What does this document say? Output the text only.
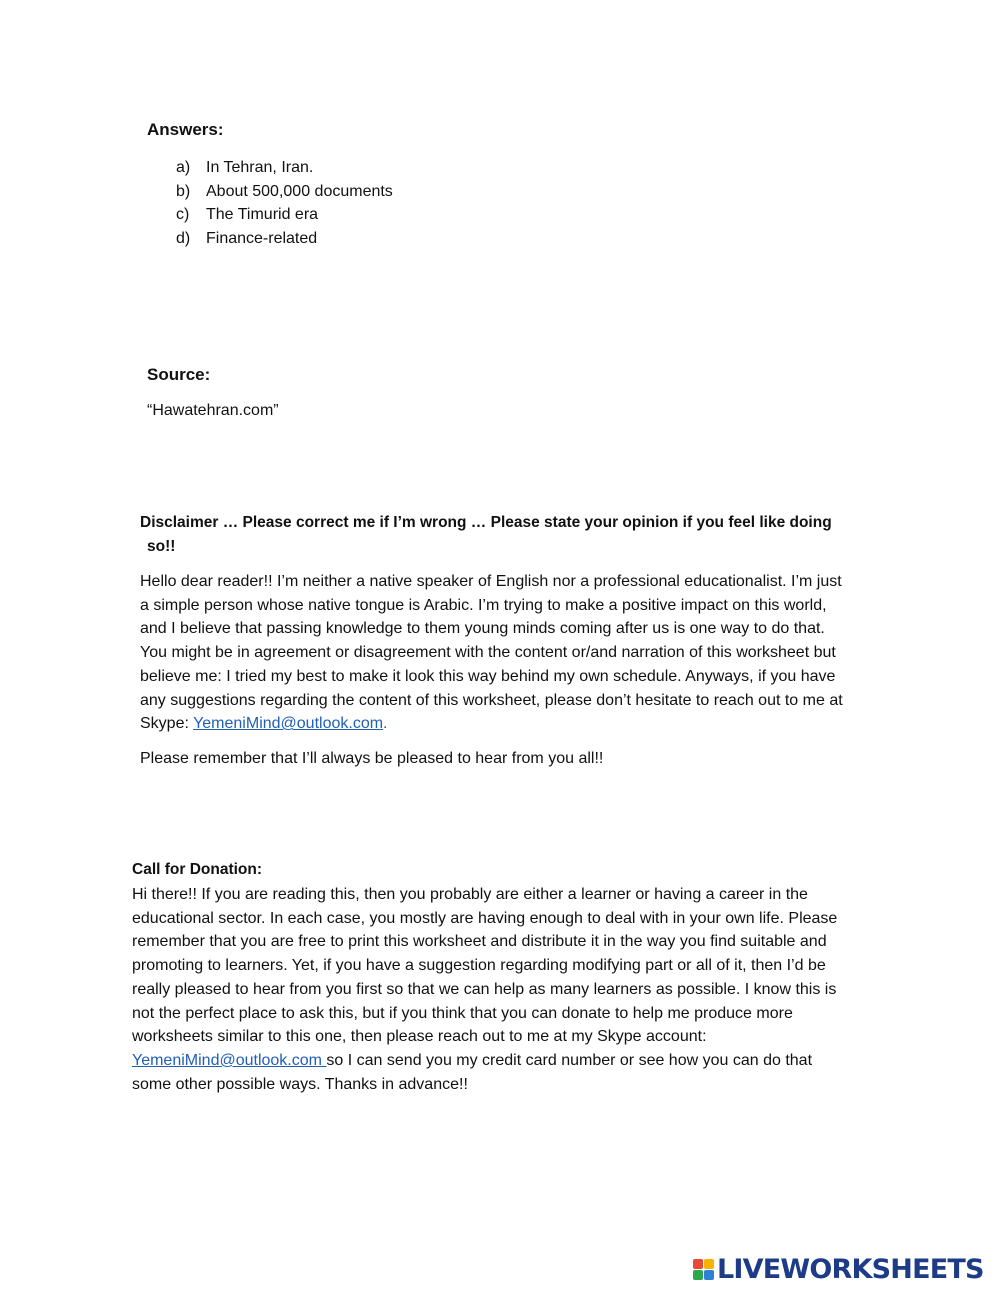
Answers:
a) In Tehran, Iran.
b) About 500,000 documents
c)	The Timurid era
d) Finance-related
Source:

“Hawatehran.com”

Disclaimer … Please correct me if I’m wrong … Please state your opinion if you feel like doing
so!!

Hello dear reader!! I’m neither a native speaker of English nor a professional educationalist. I’m just a simple person whose native tongue is Arabic. I’m trying to make a positive impact on this world, and I believe that passing knowledge to them young minds coming after us is one way to do that. You might be in agreement or disagreement with the content or/and narration of this worksheet but believe me: I tried my best to make it look this way behind my own schedule. Anyways, if you have any suggestions regarding the content of this worksheet, please don’t hesitate to reach out to me at Skype: YemeniMind@outlook.com.

Please remember that I’ll always be pleased to hear from you all!!

Call for Donation:

Hi there!! If you are reading this, then you probably are either a learner or having a career in the educational sector. In each case, you mostly are having enough to deal with in your own life. Please remember that you are free to print this worksheet and distribute it in the way you find suitable and promoting to learners. Yet, if you have a suggestion regarding modifying part or all of it, then I’d be really pleased to hear from you first so that we can help as many learners as possible. I know this is not the perfect place to ask this, but if you think that you can donate to help me produce more worksheets similar to this one, then please reach out to me at my Skype account: YemeniMind@outlook.com so I can send you my credit card number or see how you can do that some other possible ways. Thanks in advance!!

LIVEWORKSHEETS
